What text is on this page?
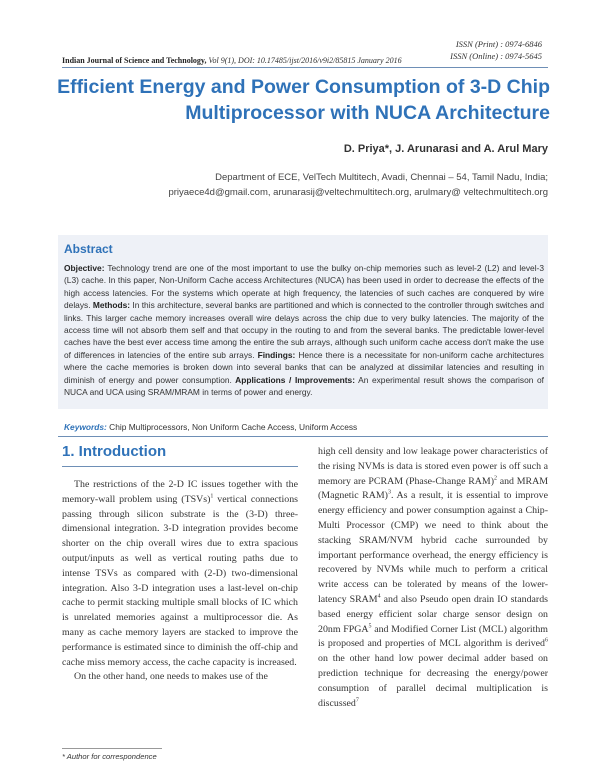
ISSN (Print) : 0974-6846
ISSN (Online) : 0974-5645
Indian Journal of Science and Technology, Vol 9(1), DOI: 10.17485/ijst/2016/v9i2/85815 January 2016
Efficient Energy and Power Consumption of 3-D Chip
Multiprocessor with NUCA Architecture
D. Priya*, J. Arunarasi and A. Arul Mary
Department of ECE, VelTech Multitech, Avadi, Chennai – 54, Tamil Nadu, India;
priyaece4d@gmail.com, arunarasij@veltechmultitech.org, arulmary@ veltechmultitech.org
Abstract
Objective: Technology trend are one of the most important to use the bulky on-chip memories such as level-2 (L2) and level-3 (L3) cache. In this paper, Non-Uniform Cache access Architectures (NUCA) has been used in order to decrease the effects of the high access latencies. For the systems which operate at high frequency, the latencies of such caches are conquered by wire delays. Methods: In this architecture, several banks are partitioned and which is connected to the controller through switches and links. This larger cache memory increases overall wire delays across the chip due to very bulky latencies. The majority of the access time will not absorb them self and that occupy in the routing to and from the several banks. The predictable lower-level caches have the best ever access time among the entire the sub arrays, although such uniform cache access don't make the use of differences in latencies of the entire sub arrays. Findings: Hence there is a necessitate for non-uniform cache architectures where the cache memories is broken down into several banks that can be analyzed at dissimilar latencies and resulting in diminish of energy and power consumption. Applications / Improvements: An experimental result shows the comparison of NUCA and UCA using SRAM/MRAM in terms of power and energy.
Keywords: Chip Multiprocessors, Non Uniform Cache Access, Uniform Access
1. Introduction

The restrictions of the 2-D IC issues together with the memory-wall problem using (TSVs)$^1$ vertical connections passing through silicon substrate is the (3-D) three-dimensional integration. 3-D integration provides become shorter on the chip overall wires due to extra spacious output/inputs as well as vertical routing paths due to intense TSVs as compared with (2-D) two-dimensional integration. Also 3-D integration uses a last-level on-chip cache to permit stacking multiple small blocks of IC which is unrelated memories against a multiprocessor die. As many as cache memory layers are stacked to improve the performance is estimated since to diminish the off-chip and cache miss memory access, the cache capacity is increased.

On the other hand, one needs to makes use of the

high cell density and low leakage power characteristics of the rising NVMs is data is stored even power is off such a memory are PCRAM (Phase-Change RAM)$^2$ and MRAM (Magnetic RAM)$^3$. As a result, it is essential to improve energy efficiency and power consumption against a Chip-Multi Processor (CMP) we need to think about the stacking SRAM/NVM hybrid cache surrounded by important performance overhead, the energy efficiency is recovered by NVMs while much to perform a critical write access can be tolerated by means of the lower-latency SRAM$^4$ and also Pseudo open drain IO standards based energy efficient solar charge sensor design on 20nm FPGA$^5$ and Modified Corner List (MCL) algorithm is proposed and properties of MCL algorithm is derived$^6$ on the other hand low power decimal adder based on prediction technique for decreasing the energy/power consumption of parallel decimal multiplication is discussed$^7$

* Author for correspondence
